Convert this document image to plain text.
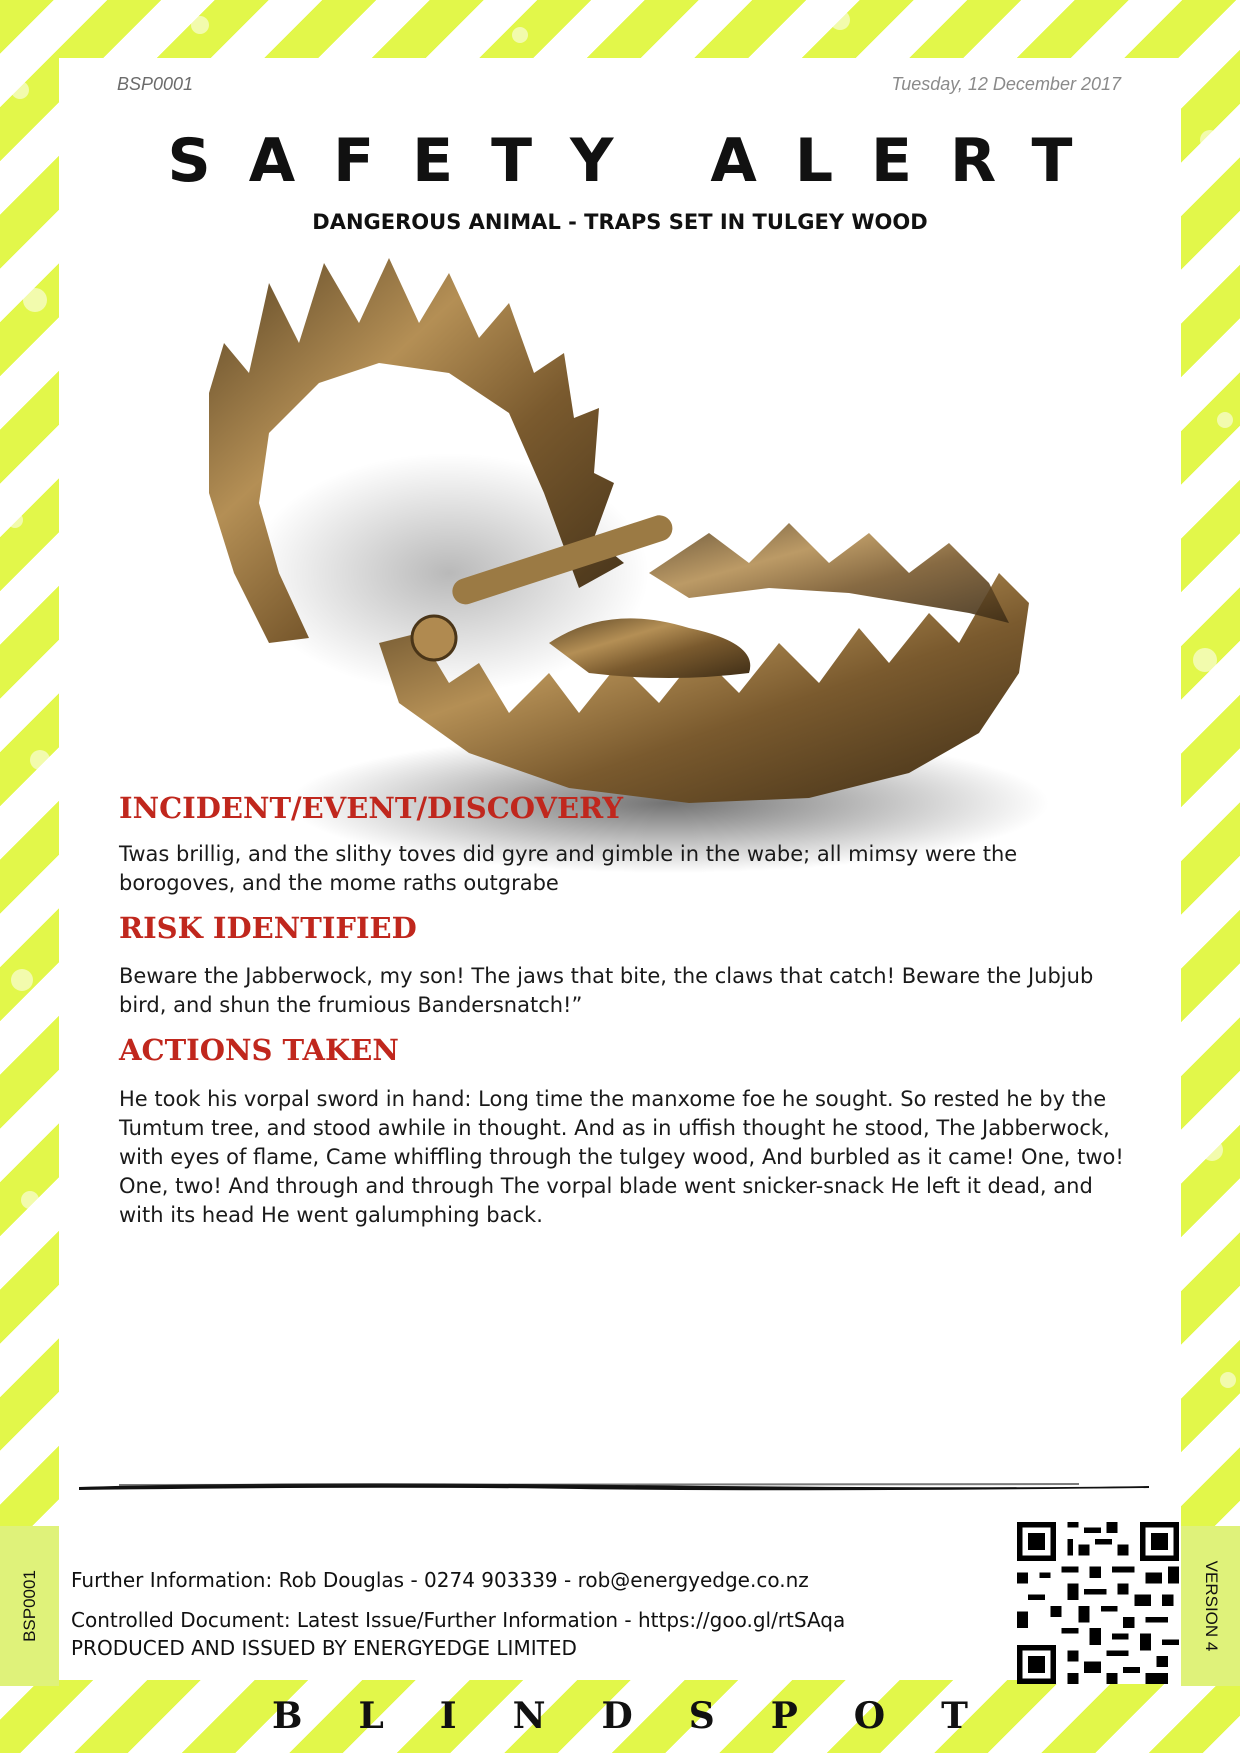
BSP0001	Tuesday, 12 December 2017
SAFETY ALERT
DANGEROUS ANIMAL - TRAPS SET IN TULGEY WOOD
INCIDENT/EVENT/DISCOVERY
Twas brillig, and the slithy toves did gyre and gimble in the wabe; all mimsy were the borogoves, and the mome raths outgrabe
RISK IDENTIFIED
Beware the Jabberwock, my son! The jaws that bite, the claws that catch! Beware the Jubjub bird, and shun the frumious Bandersnatch!”
ACTIONS TAKEN
He took his vorpal sword in hand: Long time the manxome foe he sought. So rested he by the Tumtum tree, and stood awhile in thought. And as in uffish thought he stood, The Jabberwock, with eyes of flame, Came whiffling through the tulgey wood, And burbled as it came! One, two! One, two! And through and through The vorpal blade went snicker-snack He left it dead, and with its head He went galumphing back.
Further Information: Rob Douglas - 0274 903339 - rob@energyedge.co.nz
Controlled Document: Latest Issue/Further Information - https://goo.gl/rtSAqa
PRODUCED AND ISSUED BY ENERGYEDGE LIMITED
BSP0001	VERSION 4
BLINDSPOT
